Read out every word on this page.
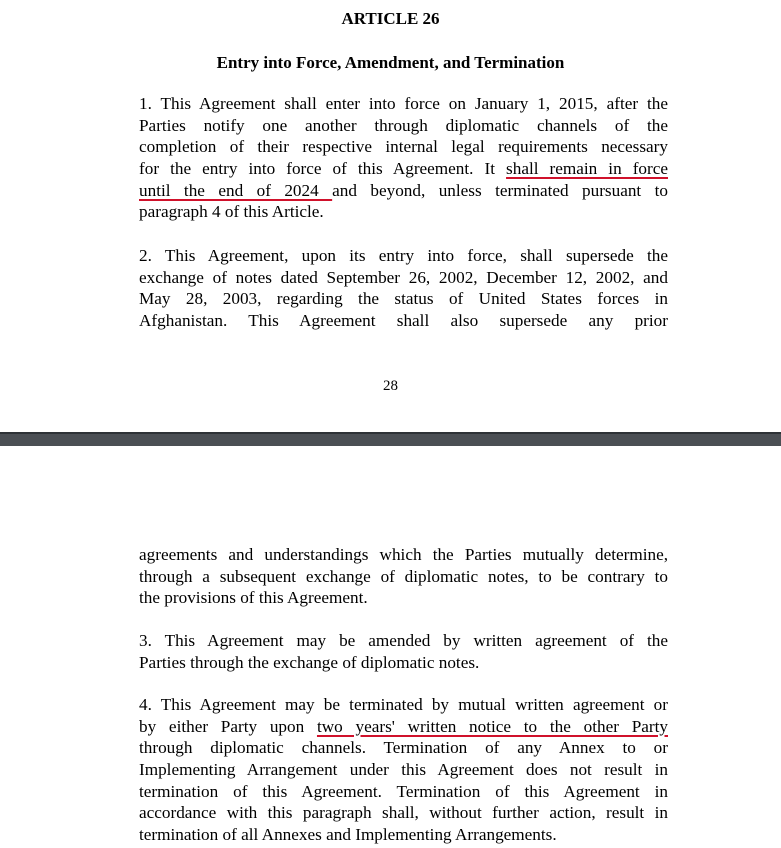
ARTICLE 26
Entry into Force, Amendment, and Termination
1. This Agreement shall enter into force on January 1, 2015, after the
Parties notify one another through diplomatic channels of the
completion of their respective internal legal requirements necessary
for the entry into force of this Agreement. It shall remain in force
until the end of 2024 and beyond, unless terminated pursuant to
paragraph 4 of this Article.
2. This Agreement, upon its entry into force, shall supersede the
exchange of notes dated September 26, 2002, December 12, 2002, and
May 28, 2003, regarding the status of United States forces in
Afghanistan. This Agreement shall also supersede any prior
28
agreements and understandings which the Parties mutually determine,
through a subsequent exchange of diplomatic notes, to be contrary to
the provisions of this Agreement.
3. This Agreement may be amended by written agreement of the
Parties through the exchange of diplomatic notes.
4. This Agreement may be terminated by mutual written agreement or
by either Party upon two years' written notice to the other Party
through diplomatic channels. Termination of any Annex to or
Implementing Arrangement under this Agreement does not result in
termination of this Agreement. Termination of this Agreement in
accordance with this paragraph shall, without further action, result in
termination of all Annexes and Implementing Arrangements.
